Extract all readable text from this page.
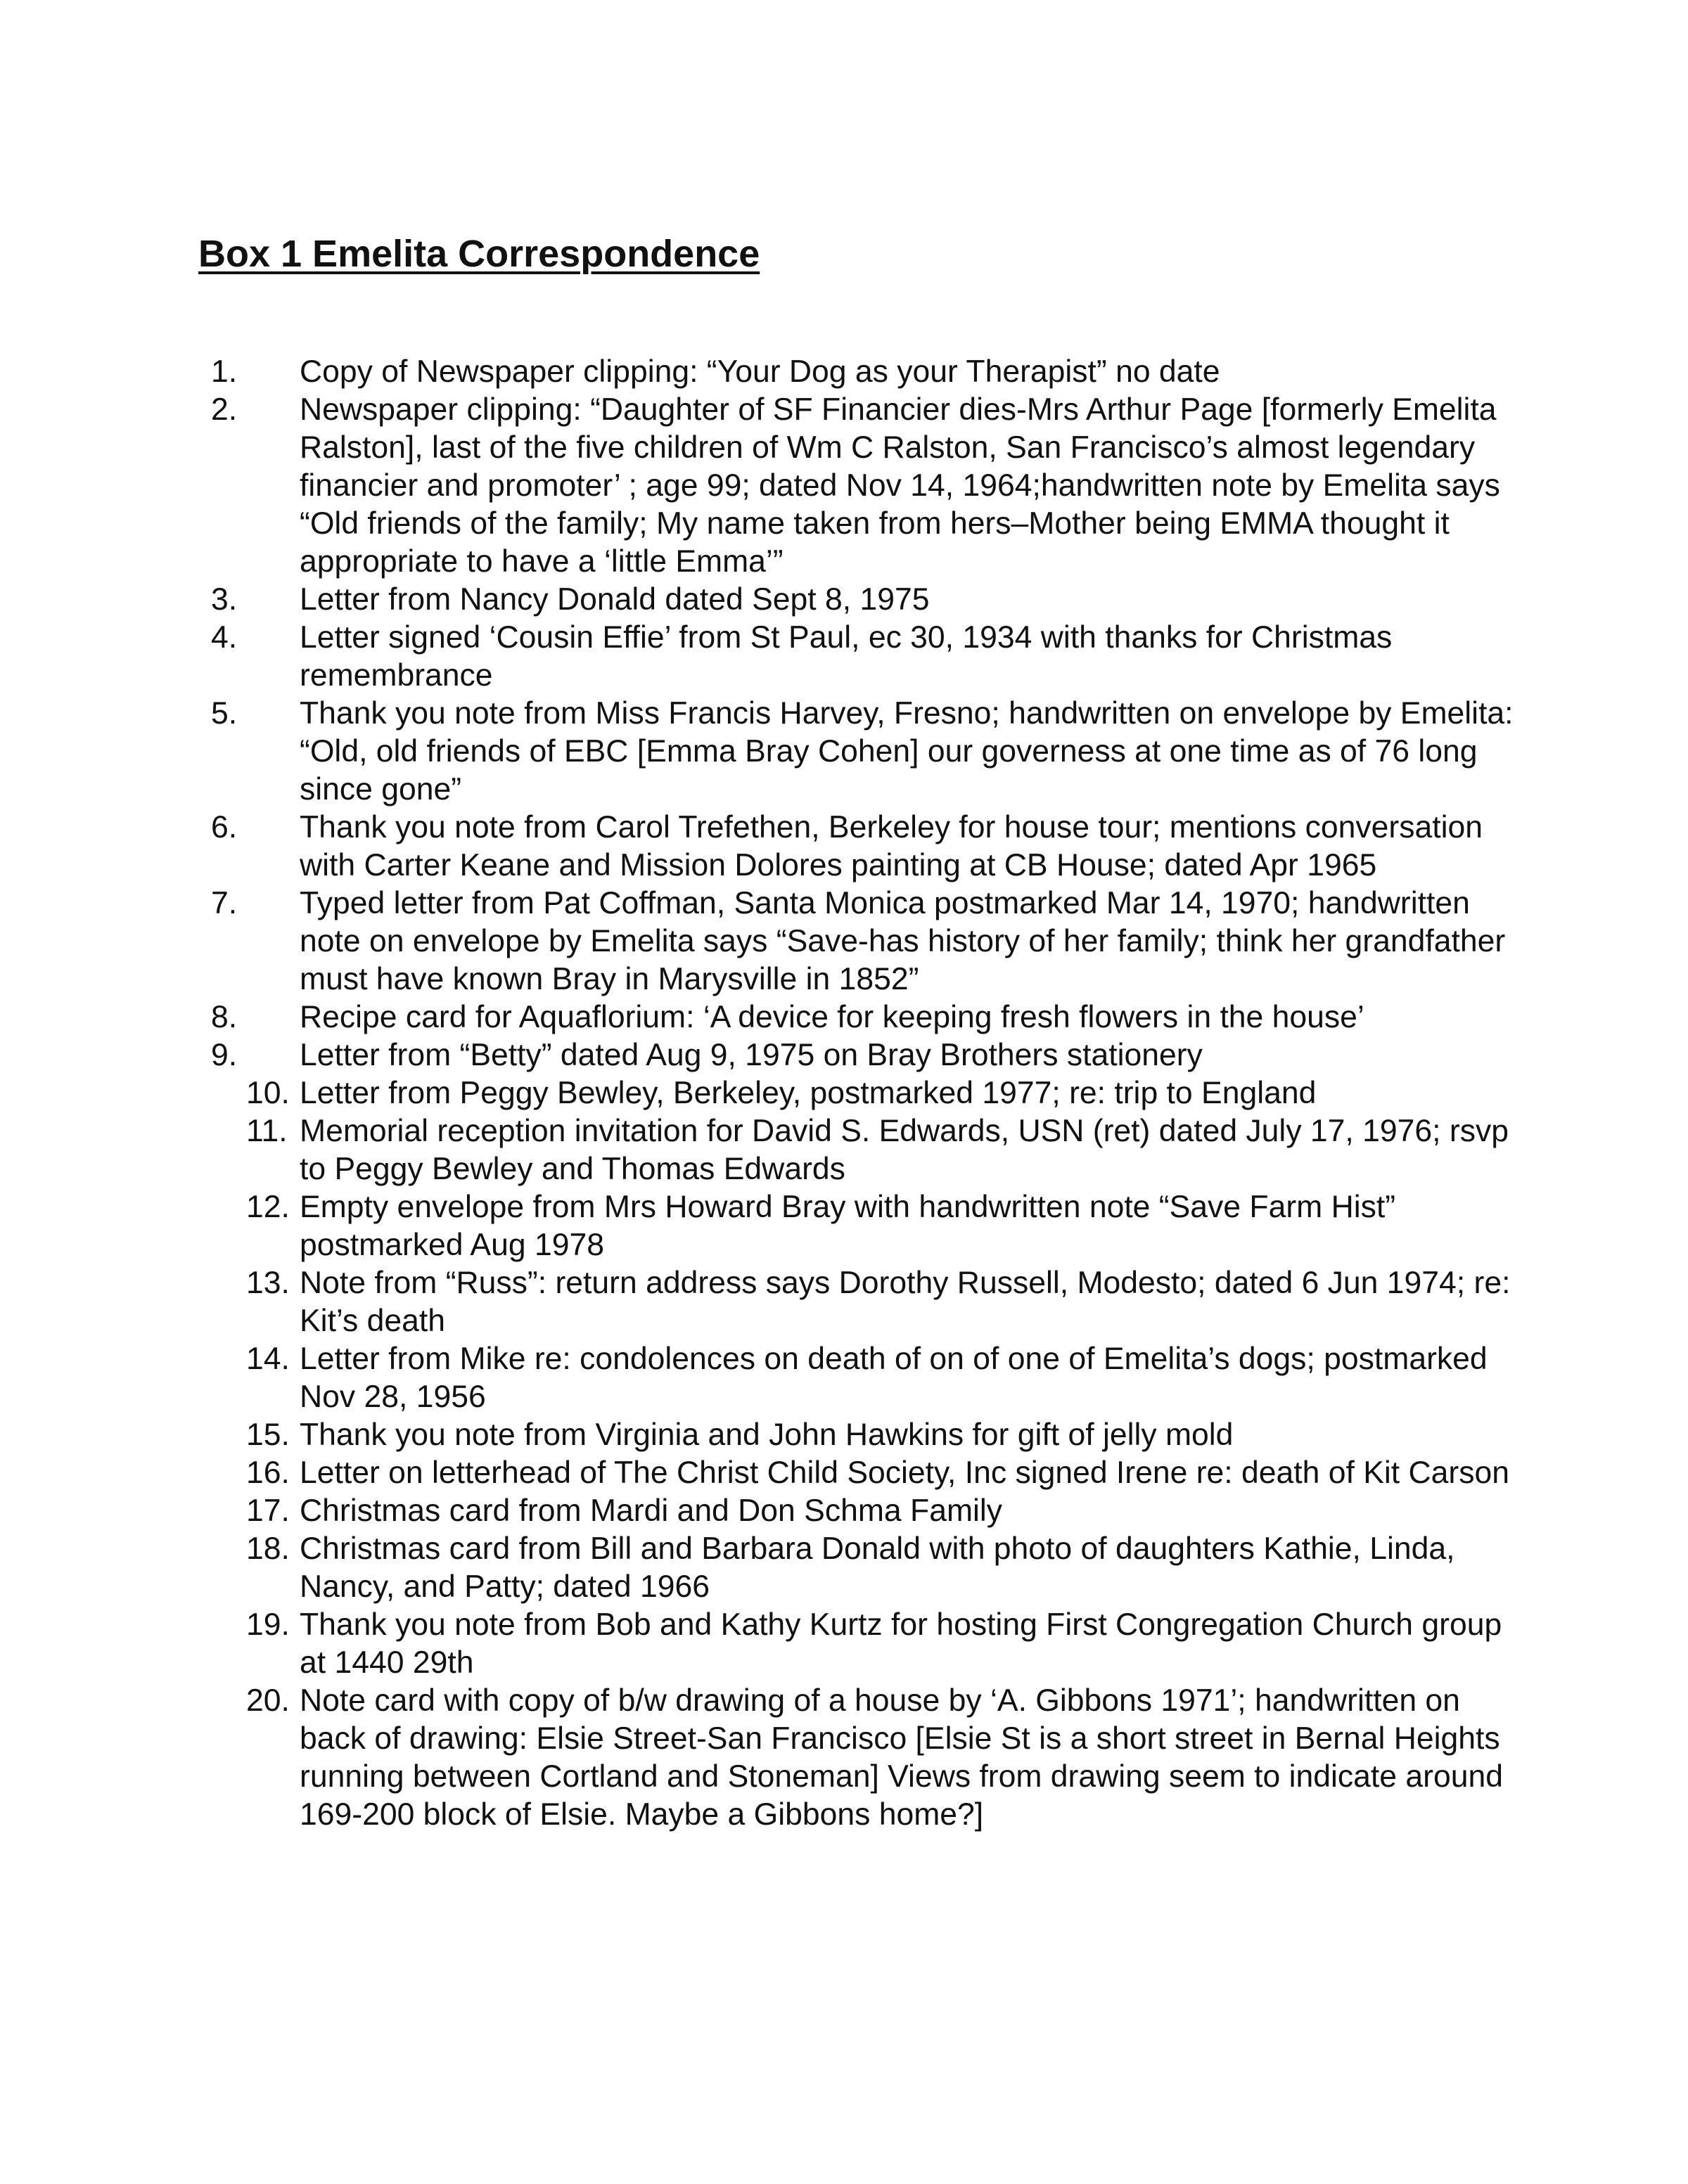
Box 1 Emelita Correspondence
1.	Copy of Newspaper clipping: “Your Dog as your Therapist” no date
2.	Newspaper clipping: “Daughter of SF Financier dies-Mrs Arthur Page [formerly Emelita Ralston], last of the five children of Wm C Ralston, San Francisco’s almost legendary financier and promoter’ ; age 99; dated Nov 14, 1964;handwritten note by Emelita says “Old friends of the family; My name taken from hers–Mother being EMMA thought it appropriate to have a ‘little Emma’”
3.	Letter from Nancy Donald dated Sept 8, 1975
4.	Letter signed ‘Cousin Effie’ from St Paul, ec 30, 1934 with thanks for Christmas remembrance
5.	Thank you note from Miss Francis Harvey, Fresno; handwritten on envelope by Emelita: “Old, old friends of EBC [Emma Bray Cohen] our governess at one time as of 76 long since gone”
6.	Thank you note from Carol Trefethen, Berkeley for house tour; mentions conversation with Carter Keane and Mission Dolores painting at CB House; dated Apr 1965
7.	Typed letter from Pat Coffman, Santa Monica postmarked Mar 14, 1970; handwritten note on envelope by Emelita says “Save-has history of her family; think her grandfather must have known Bray in Marysville in 1852”
8.	Recipe card for Aquaflorium: ‘A device for keeping fresh flowers in the house’
9.	Letter from “Betty” dated Aug 9, 1975 on Bray Brothers stationery
10. Letter from Peggy Bewley, Berkeley, postmarked 1977; re: trip to England
11. Memorial reception invitation for David S. Edwards, USN (ret) dated July 17, 1976; rsvp to Peggy Bewley and Thomas Edwards
12. Empty envelope from Mrs Howard Bray with handwritten note “Save Farm Hist” postmarked Aug 1978
13. Note from “Russ”: return address says Dorothy Russell, Modesto; dated 6 Jun 1974; re: Kit’s death
14. Letter from Mike re: condolences on death of on of one of Emelita’s dogs; postmarked Nov 28, 1956
15. Thank you note from Virginia and John Hawkins for gift of jelly mold
16. Letter on letterhead of The Christ Child Society, Inc signed Irene re: death of Kit Carson
17. Christmas card from Mardi and Don Schma Family
18. Christmas card from Bill and Barbara Donald with photo of daughters Kathie, Linda, Nancy, and Patty; dated 1966
19. Thank you note from Bob and Kathy Kurtz for hosting First Congregation Church group at 1440 29th
20. Note card with copy of b/w drawing of a house by ‘A. Gibbons 1971’; handwritten on back of drawing: Elsie Street-San Francisco [Elsie St is a short street in Bernal Heights running between Cortland and Stoneman] Views from drawing seem to indicate around 169-200 block of Elsie. Maybe a Gibbons home?]
